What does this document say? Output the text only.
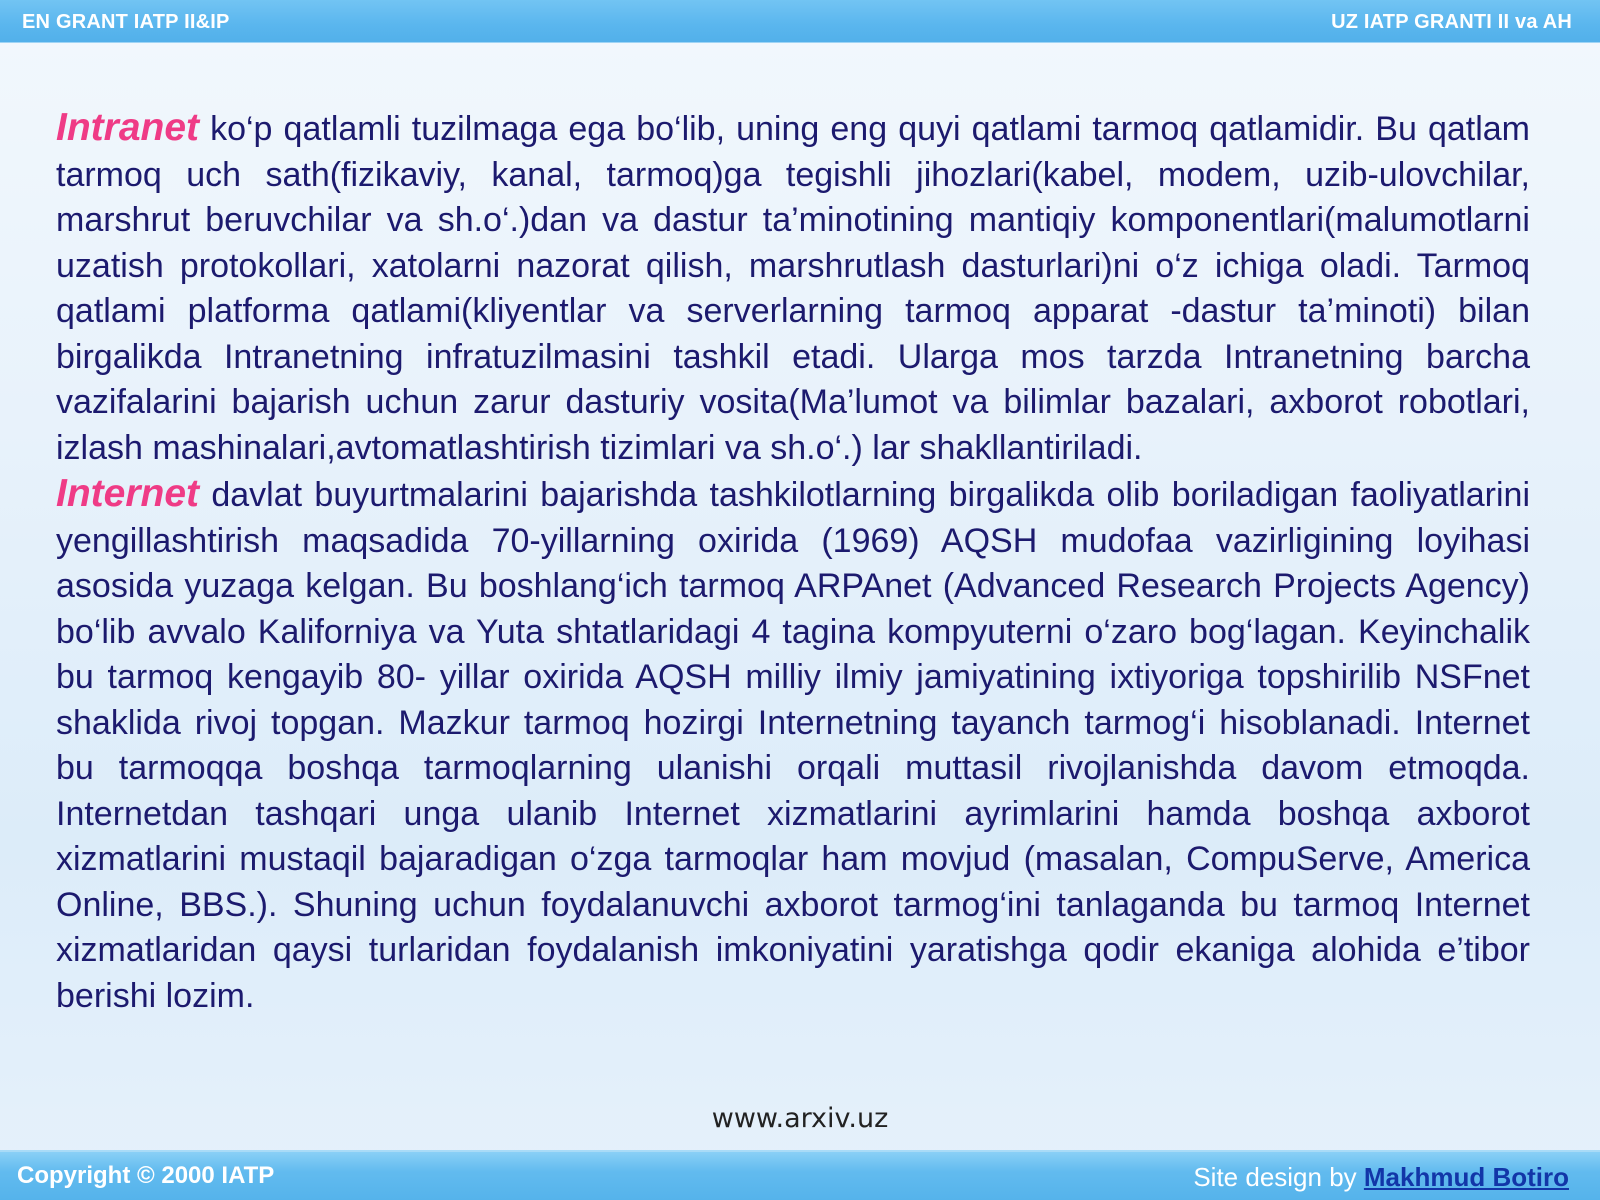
EN GRANT IATP II&IP	UZ IATP GRANTI II va AH

Intranet ko‘p qatlamli tuzilmaga ega bo‘lib, uning eng quyi qatlami tarmoq qatlamidir. Bu qatlam tarmoq uch sath(fizikaviy, kanal, tarmoq)ga tegishli jihozlari(kabel, modem, uzib-ulovchilar, marshrut beruvchilar va sh.o‘.)dan va dastur ta’minotining mantiqiy komponentlari(malumotlarni uzatish protokollari, xatolarni nazorat qilish, marshrutlash dasturlari)ni o‘z ichiga oladi. Tarmoq qatlami platforma qatlami(kliyentlar va serverlarning tarmoq apparat -dastur ta’minoti) bilan birgalikda Intranetning infratuzilmasini tashkil etadi. Ularga mos tarzda Intranetning barcha vazifalarini bajarish uchun zarur dasturiy vosita(Ma’lumot va bilimlar bazalari, axborot robotlari, izlash mashinalari,avtomatlashtirish tizimlari va sh.o‘.) lar shakllantiriladi.

Internet davlat buyurtmalarini bajarishda tashkilotlarning birgalikda olib boriladigan faoliyatlarini yengillashtirish maqsadida 70-yillarning oxirida (1969) AQSH mudofaa vazirligining loyihasi asosida yuzaga kelgan. Bu boshlang‘ich tarmoq ARPAnet (Advanced Research Projects Agency) bo‘lib avvalo Kaliforniya va Yuta shtatlaridagi 4 tagina kompyuterni o‘zaro bog‘lagan. Keyinchalik bu tarmoq kengayib 80- yillar oxirida AQSH milliy ilmiy jamiyatining ixtiyoriga topshirilib NSFnet shaklida rivoj topgan. Mazkur tarmoq hozirgi Internetning tayanch tarmog‘i hisoblanadi. Internet bu tarmoqqa boshqa tarmoqlarning ulanishi orqali muttasil rivojlanishda davom etmoqda. Internetdan tashqari unga ulanib Internet xizmatlarini ayrimlarini hamda boshqa axborot xizmatlarini mustaqil bajaradigan o‘zga tarmoqlar ham movjud (masalan, CompuServe, America Online, BBS.). Shuning uchun foydalanuvchi axborot tarmog‘ini tanlaganda bu tarmoq Internet xizmatlaridan qaysi turlaridan foydalanish imkoniyatini yaratishga qodir ekaniga alohida e’tibor berishi lozim.

www.arxiv.uz
Copyright © 2000 IATP	Site design by Makhmud Botiro
